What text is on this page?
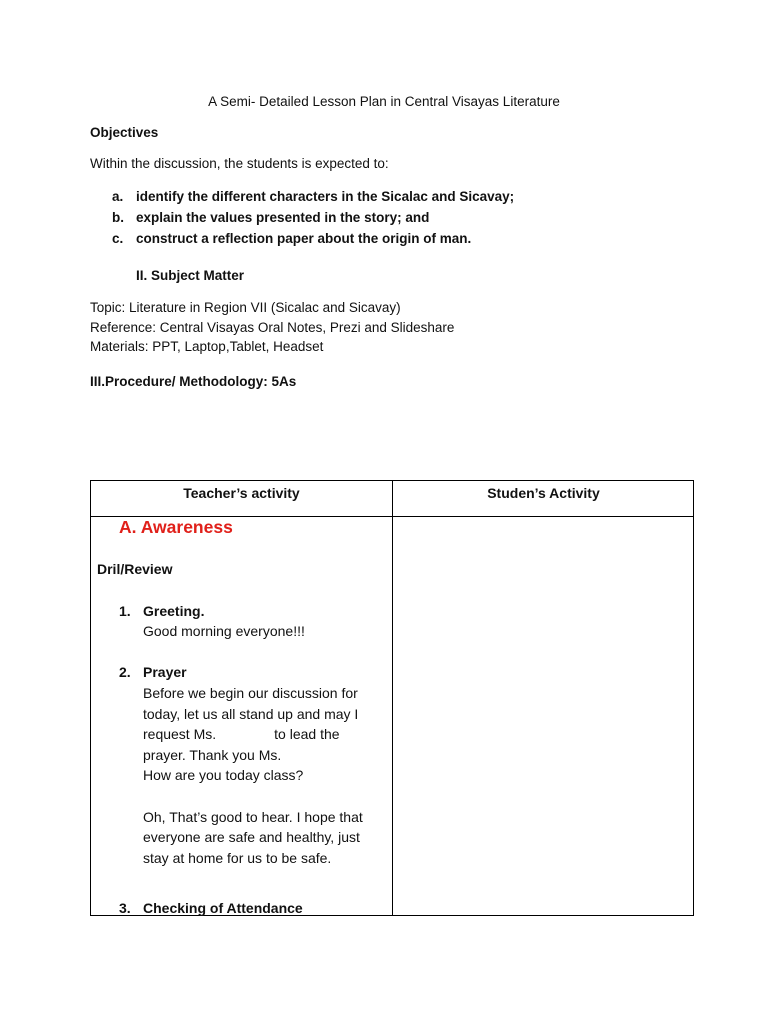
A Semi- Detailed Lesson Plan in Central Visayas Literature
Objectives
Within the discussion, the students is expected to:
a. identify the different characters in the Sicalac and Sicavay;
b. explain the values presented in the story; and
c. construct a reflection paper about the origin of man.
II. Subject Matter
Topic: Literature in Region VII (Sicalac and Sicavay)
Reference: Central Visayas Oral Notes, Prezi and Slideshare
Materials: PPT, Laptop,Tablet, Headset
III.Procedure/ Methodology: 5As
Teacher’s activity	Studen’s Activity
A. Awareness
Dril/Review
1. Greeting.
Good morning everyone!!!
2. Prayer
Before we begin our discussion for
today, let us all stand up and may I
request Ms.	to lead the
prayer. Thank you Ms.
How are you today class?
Oh, That’s good to hear. I hope that
everyone are safe and healthy, just
stay at home for us to be safe.
3. Checking of Attendance
